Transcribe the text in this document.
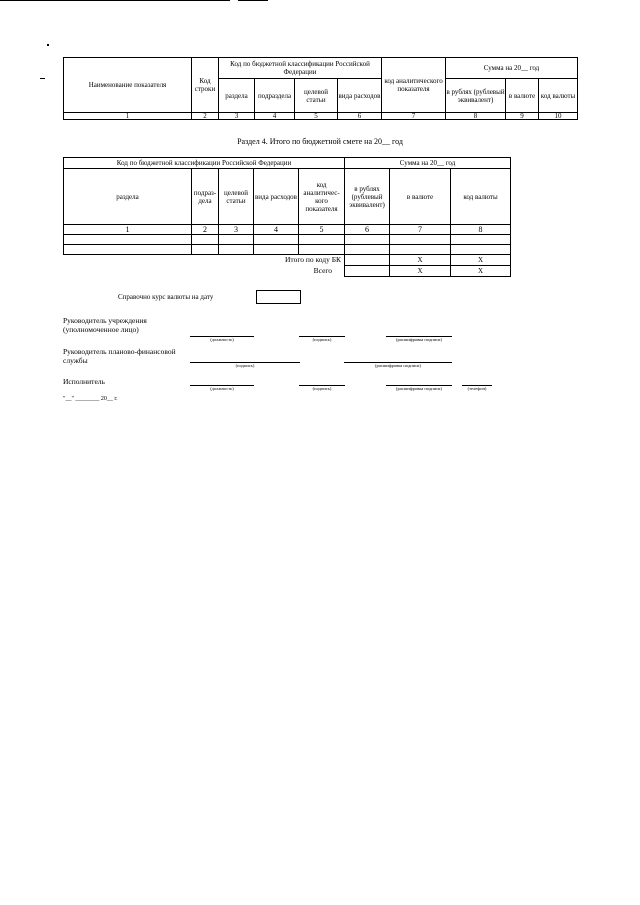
Наименование показателя	Код строки	Код по бюджетной классификации Российской Федерации				код аналитического показателя	Сумма на 20__ год		
		раздела	подраздела	целевой статьи	вида расходов		в рублях (рублевый эквивалент)	в валюте	код валюты
1	2	3	4	5	6	7	8	9	10
Раздел 4. Итого по бюджетной смете на 20__ год
Код по бюджетной классификации Российской Федерации					Сумма на 20__ год		
раздела	подраз-дела	целевой статьи	вида расходов	код аналитичес-кого показателя	в рублях (рублевый эквивалент)	в валюте	код валюты
1	2	3	4	5	6	7	8

Итого по коду БК						X	X
Всего						X	X
Справочно курс валюты на дату
Руководитель учреждения
(уполномоченное лицо)
(должность)	(подпись)	(расшифровка подписи)
Руководитель планово-финансовой
службы
(подпись)	(расшифровка подписи)
Исполнитель
(должность)	(подпись)	(расшифровка подписи)	(телефон)
"__" ________ 20__ г.
